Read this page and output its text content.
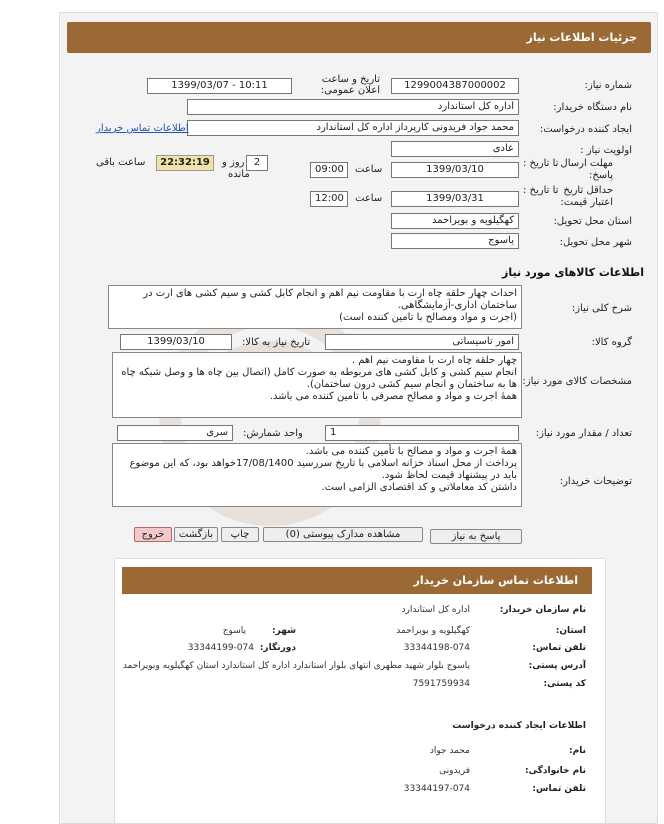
جزئیات اطلاعات نیاز
شماره نیاز:
1299004387000002
تاریخ و ساعت اعلان عمومی:
1399/03/07 - 10:11
نام دستگاه خریدار:
اداره کل استاندارد
ایجاد کننده درخواست:
محمد جواد فریدونی کارپرداز اداره کل استاندارد
اطلاعات تماس خریدار
اولویت نیاز :
عادی
مهلت ارسال پاسخ:
تا تاریخ :
1399/03/10
ساعت
09:00
2
روز و
مانده
22:32:19
ساعت باقی
حداقل تاریخ اعتبار قیمت:
تا تاریخ :
1399/03/31
ساعت
12:00
استان محل تحویل:
کهگیلویه و بویراحمد
شهر محل تحویل:
یاسوج
اطلاعات کالاهای مورد نیاز
شرح کلی نیاز:
احداث چهار حلقه چاه ارت با مقاومت نیم اهم و انجام کابل کشی و سیم کشی های ارت در ساختمان اداری-آزمایشگاهی.
(اجرت و مواد ومصالح با تامین کننده است)
گروه کالا:
امور تاسیساتی
تاریخ نیاز به کالا:
1399/03/10
مشخصات کالای مورد نیاز:
چهار حلقه چاه ارت با مقاومت نیم اهم .
انجام سیم کشی و کابل کشی های مربوطه به صورت کامل (اتصال بین چاه ها و وصل شبکه چاه ها به ساختمان و انجام سیم کشی درون ساختمان).
همهٔ اجرت و مواد و مصالح مصرفی با تامین کننده می باشد.
تعداد / مقدار مورد نیاز:
1
واحد شمارش:
سری
توضیحات خریدار:
همهٔ اجرت و مواد و مصالح با تأمین کننده می باشد.
پرداخت از محل اسناد خزانه اسلامی با تاریخ سررسید 17/08/1400خواهد بود، که این موضوع باید در پیشنهاد قیمت لحاظ شود.
داشتن کد معاملاتی و کد اقتصادی الزامی است.
پاسخ به نیاز
مشاهده مدارک پیوستی (0)
چاپ
بازگشت
خروج
اطلاعات تماس سازمان خریدار
نام سازمان خریدار:
اداره کل استاندارد
استان:
کهگیلویه و بویراحمد
شهر:
یاسوج
تلفن تماس:
33344198-074
دورنگار:
33344199-074
آدرس پستی:
یاسوج بلوار شهید مطهری انتهای بلوار استاندارد اداره کل استاندارد استان کهگیلویه وبویراحمد
کد پستی:
7591759934
اطلاعات ایجاد کننده درخواست
نام:
محمد جواد
نام خانوادگی:
فریدونی
تلفن تماس:
33344197-074
